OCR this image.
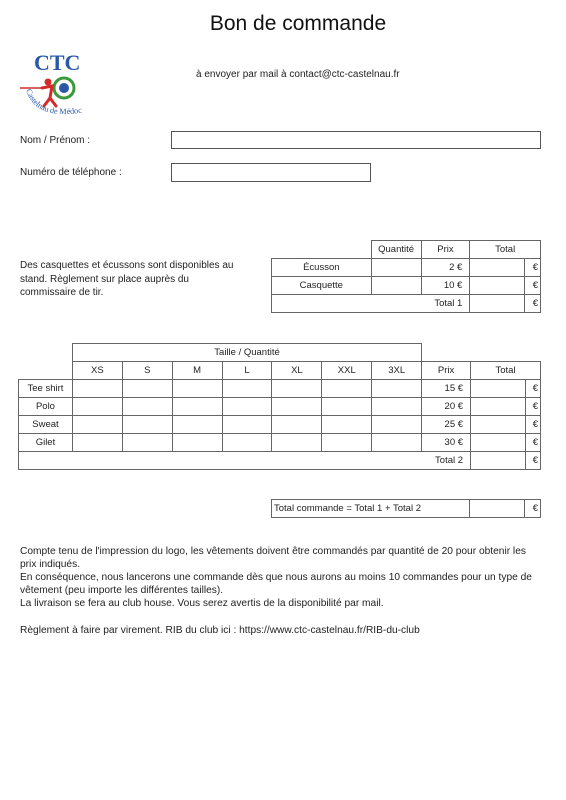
Bon de commande
CTC
Castelnau de Médoc
à envoyer par mail à contact@ctc-castelnau.fr
Nom / Prénom :
Numéro de téléphone :
Des casquettes et écussons sont disponibles au stand. Règlement sur place auprès du commissaire de tir.
	Quantité	Prix	Total	
Écusson		2 €		€
Casquette		10 €		€
Total 1				€
	Taille / Quantité									
	XS	S	M	L	XL	XXL	3XL	Prix	Total	
Tee shirt								15 €		€
Polo								20 €		€
Sweat								25 €		€
Gilet								30 €		€
Total 2										€
Total commande = Total 1 + Total 2		€

Compte tenu de l'impression du logo, les vêtements doivent être commandés par quantité de 20 pour obtenir les prix indiqués.

En conséquence, nous lancerons une commande dès que nous aurons au moins 10 commandes pour un type de vêtement (peu importe les différentes tailles).

La livraison se fera au club house. Vous serez avertis de la disponibilité par mail.

Règlement à faire par virement. RIB du club ici : https://www.ctc-castelnau.fr/RIB-du-club
